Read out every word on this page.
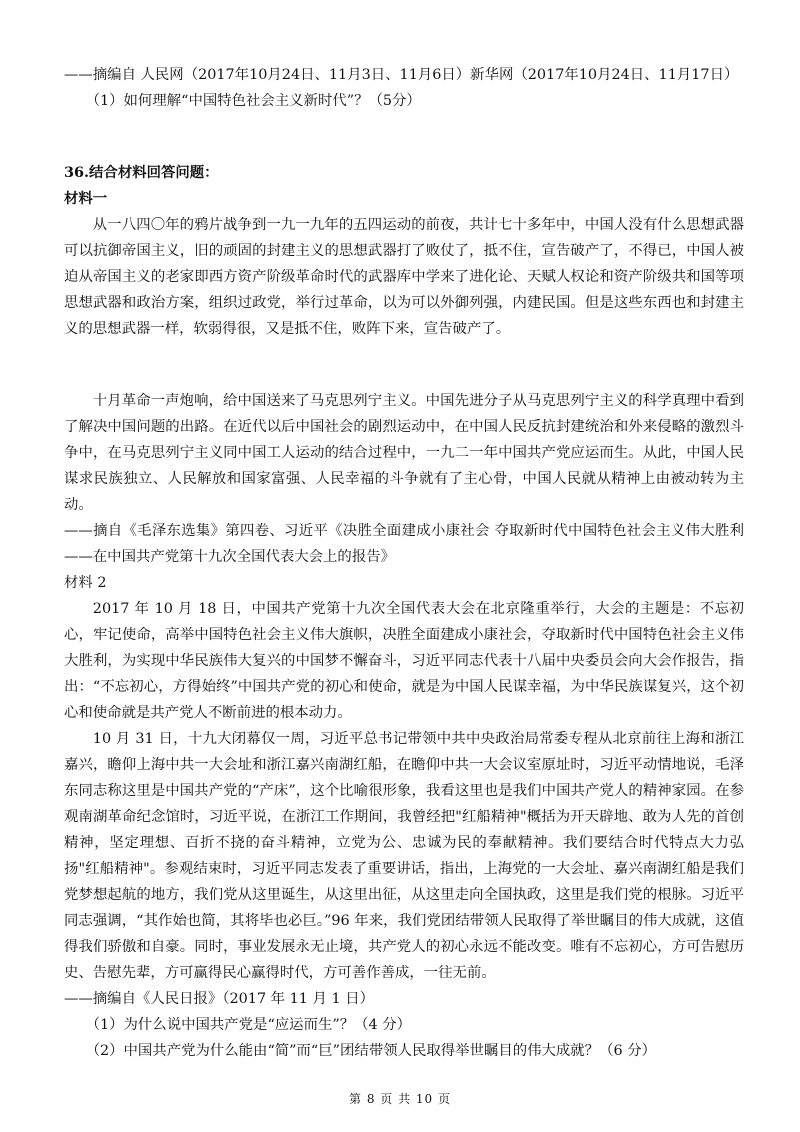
——摘编自 人民网（2017年10月24日、11月3日、11月6日）新华网（2017年10月24日、11月17日）

（1）如何理解“中国特色社会主义新时代”？（5分）

36.结合材料回答问题：

材料一

从一八四〇年的鸦片战争到一九一九年的五四运动的前夜，共计七十多年中，中国人没有什么思想武器可以抗御帝国主义，旧的顽固的封建主义的思想武器打了败仗了，抵不住，宣告破产了，不得已，中国人被迫从帝国主义的老家即西方资产阶级革命时代的武器库中学来了进化论、天赋人权论和资产阶级共和国等项思想武器和政治方案，组织过政党，举行过革命，以为可以外御列强，内建民国。但是这些东西也和封建主义的思想武器一样，软弱得很，又是抵不住，败阵下来，宣告破产了。

十月革命一声炮响，给中国送来了马克思列宁主义。中国先进分子从马克思列宁主义的科学真理中看到了解决中国问题的出路。在近代以后中国社会的剧烈运动中，在中国人民反抗封建统治和外来侵略的激烈斗争中，在马克思列宁主义同中国工人运动的结合过程中，一九二一年中国共产党应运而生。从此，中国人民谋求民族独立、人民解放和国家富强、人民幸福的斗争就有了主心骨，中国人民就从精神上由被动转为主动。

——摘自《毛泽东选集》第四卷、习近平《决胜全面建成小康社会 夺取新时代中国特色社会主义伟大胜利——在中国共产党第十九次全国代表大会上的报告》

材料 2

2017 年 10 月 18 日，中国共产党第十九次全国代表大会在北京隆重举行，大会的主题是：不忘初心，牢记使命，高举中国特色社会主义伟大旗帜，决胜全面建成小康社会，夺取新时代中国特色社会主义伟大胜利，为实现中华民族伟大复兴的中国梦不懈奋斗，习近平同志代表十八届中央委员会向大会作报告，指出：“不忘初心，方得始终”中国共产党的初心和使命，就是为中国人民谋幸福，为中华民族谋复兴，这个初心和使命就是共产党人不断前进的根本动力。

10 月 31 日，十九大闭幕仅一周，习近平总书记带领中共中央政治局常委专程从北京前往上海和浙江嘉兴，瞻仰上海中共一大会址和浙江嘉兴南湖红船，在瞻仰中共一大会议室原址时，习近平动情地说，毛泽东同志称这里是中国共产党的“产床”，这个比喻很形象，我看这里也是我们中国共产党人的精神家园。在参观南湖革命纪念馆时，习近平说，在浙江工作期间，我曾经把"红船精神"概括为开天辟地、敢为人先的首创精神，坚定理想、百折不挠的奋斗精神，立党为公、忠诚为民的奉献精神。我们要结合时代特点大力弘扬"红船精神"。参观结束时，习近平同志发表了重要讲话，指出，上海党的一大会址、嘉兴南湖红船是我们党梦想起航的地方，我们党从这里诞生，从这里出征，从这里走向全国执政，这里是我们党的根脉。习近平同志强调，“其作始也简，其将毕也必巨。”96 年来，我们党团结带领人民取得了举世瞩目的伟大成就，这值得我们骄傲和自豪。同时，事业发展永无止境，共产党人的初心永远不能改变。唯有不忘初心，方可告慰历史、告慰先辈，方可赢得民心赢得时代，方可善作善成，一往无前。

——摘编自《人民日报》（2017 年 11 月 1 日）

（1）为什么说中国共产党是“应运而生”？（4 分）

（2）中国共产党为什么能由“简”而“巨”团结带领人民取得举世瞩目的伟大成就？（6 分）

第 8 页 共 10 页
